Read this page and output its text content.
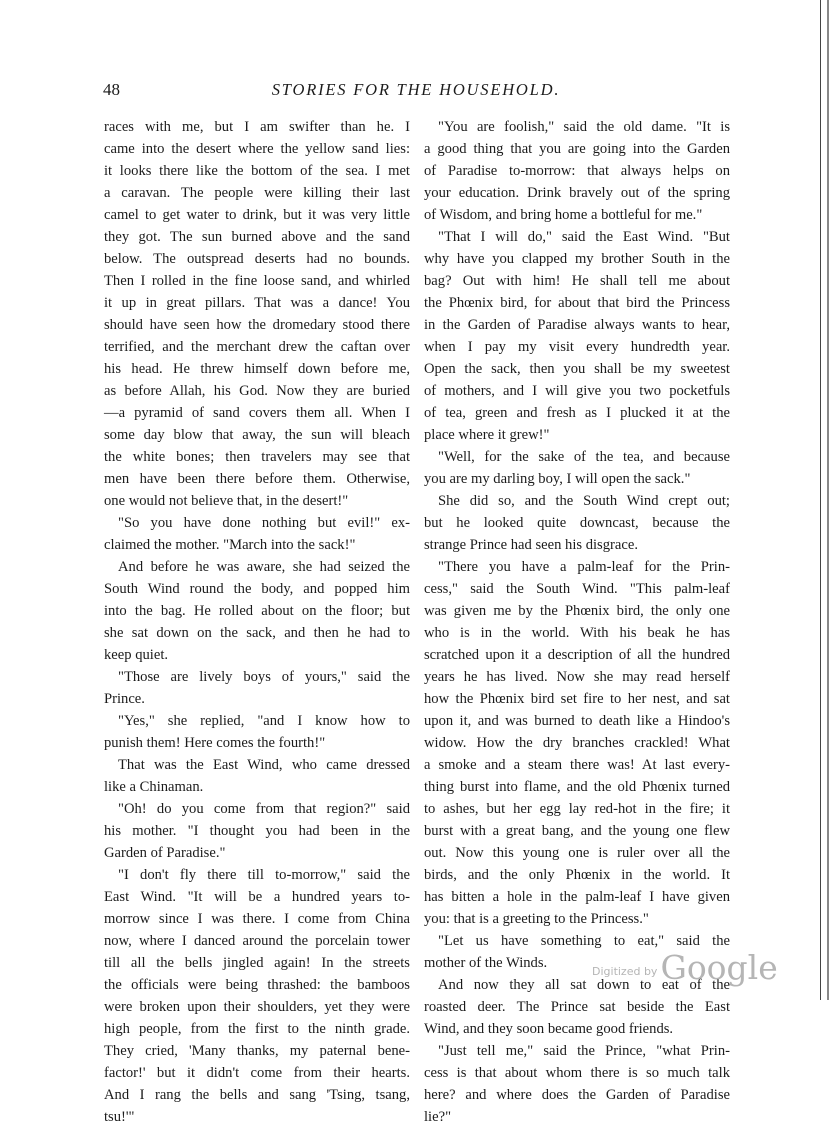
48	STORIES FOR THE HOUSEHOLD.
races with me, but I am swifter than he. I
came into the desert where the yellow sand lies:
it looks there like the bottom of the sea. I met
a caravan. The people were killing their last
camel to get water to drink, but it was very little
they got. The sun burned above and the sand
below. The outspread deserts had no bounds.
Then I rolled in the fine loose sand, and whirled
it up in great pillars. That was a dance! You
should have seen how the dromedary stood there
terrified, and the merchant drew the caftan over
his head. He threw himself down before me,
as before Allah, his God. Now they are buried
—a pyramid of sand covers them all. When I
some day blow that away, the sun will bleach
the white bones; then travelers may see that
men have been there before them. Otherwise,
one would not believe that, in the desert!"
"So you have done nothing but evil!" ex-
claimed the mother. "March into the sack!"
And before he was aware, she had seized the
South Wind round the body, and popped him
into the bag. He rolled about on the floor; but
she sat down on the sack, and then he had to
keep quiet.
"Those are lively boys of yours," said the
Prince.
"Yes," she replied, "and I know how to
punish them! Here comes the fourth!"
That was the East Wind, who came dressed
like a Chinaman.
"Oh! do you come from that region?" said
his mother. "I thought you had been in the
Garden of Paradise."
"I don't fly there till to-morrow," said the
East Wind. "It will be a hundred years to-
morrow since I was there. I come from China
now, where I danced around the porcelain tower
till all the bells jingled again! In the streets
the officials were being thrashed: the bamboos
were broken upon their shoulders, yet they were
high people, from the first to the ninth grade.
They cried, 'Many thanks, my paternal bene-
factor!' but it didn't come from their hearts.
And I rang the bells and sang 'Tsing, tsang,
tsu!'"
"You are foolish," said the old dame. "It is
a good thing that you are going into the Garden
of Paradise to-morrow: that always helps on
your education. Drink bravely out of the spring
of Wisdom, and bring home a bottleful for me."
"That I will do," said the East Wind. "But
why have you clapped my brother South in the
bag? Out with him! He shall tell me about
the Phœnix bird, for about that bird the Princess
in the Garden of Paradise always wants to hear,
when I pay my visit every hundredth year.
Open the sack, then you shall be my sweetest
of mothers, and I will give you two pocketfuls
of tea, green and fresh as I plucked it at the
place where it grew!"
"Well, for the sake of the tea, and because
you are my darling boy, I will open the sack."
She did so, and the South Wind crept out;
but he looked quite downcast, because the
strange Prince had seen his disgrace.
"There you have a palm-leaf for the Prin-
cess," said the South Wind. "This palm-leaf
was given me by the Phœnix bird, the only one
who is in the world. With his beak he has
scratched upon it a description of all the hundred
years he has lived. Now she may read herself
how the Phœnix bird set fire to her nest, and sat
upon it, and was burned to death like a Hindoo's
widow. How the dry branches crackled! What
a smoke and a steam there was! At last every-
thing burst into flame, and the old Phœnix turned
to ashes, but her egg lay red-hot in the fire; it
burst with a great bang, and the young one flew
out. Now this young one is ruler over all the
birds, and the only Phœnix in the world. It
has bitten a hole in the palm-leaf I have given
you: that is a greeting to the Princess."
"Let us have something to eat," said the
mother of the Winds.
And now they all sat down to eat of the
roasted deer. The Prince sat beside the East
Wind, and they soon became good friends.
"Just tell me," said the Prince, "what Prin-
cess is that about whom there is so much talk
here? and where does the Garden of Paradise
lie?"
$^{Digitized by}$Google
